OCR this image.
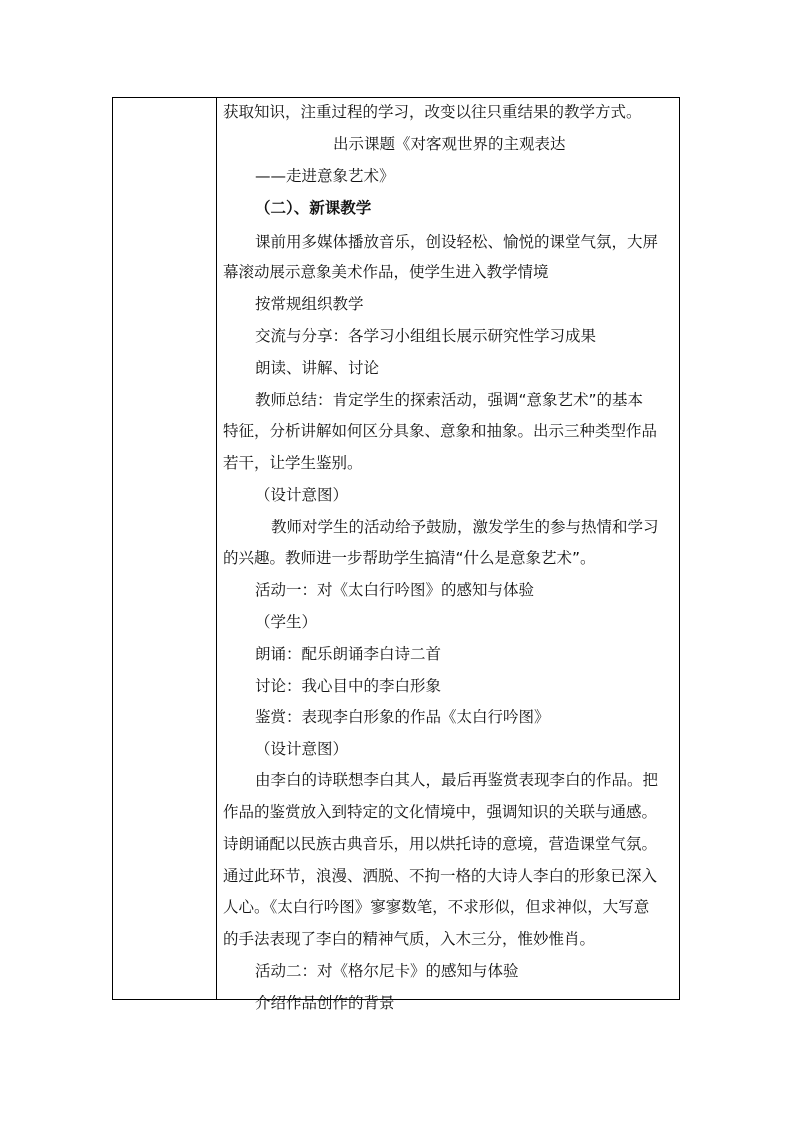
获取知识，注重过程的学习，改变以往只重结果的教学方式。
出示课题《对客观世界的主观表达
——走进意象艺术》
（二）、新课教学
课前用多媒体播放音乐，创设轻松、愉悦的课堂气氛，大屏
幕滚动展示意象美术作品，使学生进入教学情境
按常规组织教学
交流与分享：各学习小组组长展示研究性学习成果
朗读、讲解、讨论
教师总结：肯定学生的探索活动，强调“意象艺术”的基本
特征，分析讲解如何区分具象、意象和抽象。出示三种类型作品
若干，让学生鉴别。
（设计意图）
教师对学生的活动给予鼓励，激发学生的参与热情和学习
的兴趣。教师进一步帮助学生搞清“什么是意象艺术”。
活动一：对《太白行吟图》的感知与体验
（学生）
朗诵：配乐朗诵李白诗二首
讨论：我心目中的李白形象
鉴赏：表现李白形象的作品《太白行吟图》
（设计意图）
由李白的诗联想李白其人，最后再鉴赏表现李白的作品。把
作品的鉴赏放入到特定的文化情境中，强调知识的关联与通感。
诗朗诵配以民族古典音乐，用以烘托诗的意境，营造课堂气氛。
通过此环节，浪漫、洒脱、不拘一格的大诗人李白的形象已深入
人心。《太白行吟图》寥寥数笔，不求形似，但求神似，大写意
的手法表现了李白的精神气质，入木三分，惟妙惟肖。
活动二：对《格尔尼卡》的感知与体验
介绍作品创作的背景
